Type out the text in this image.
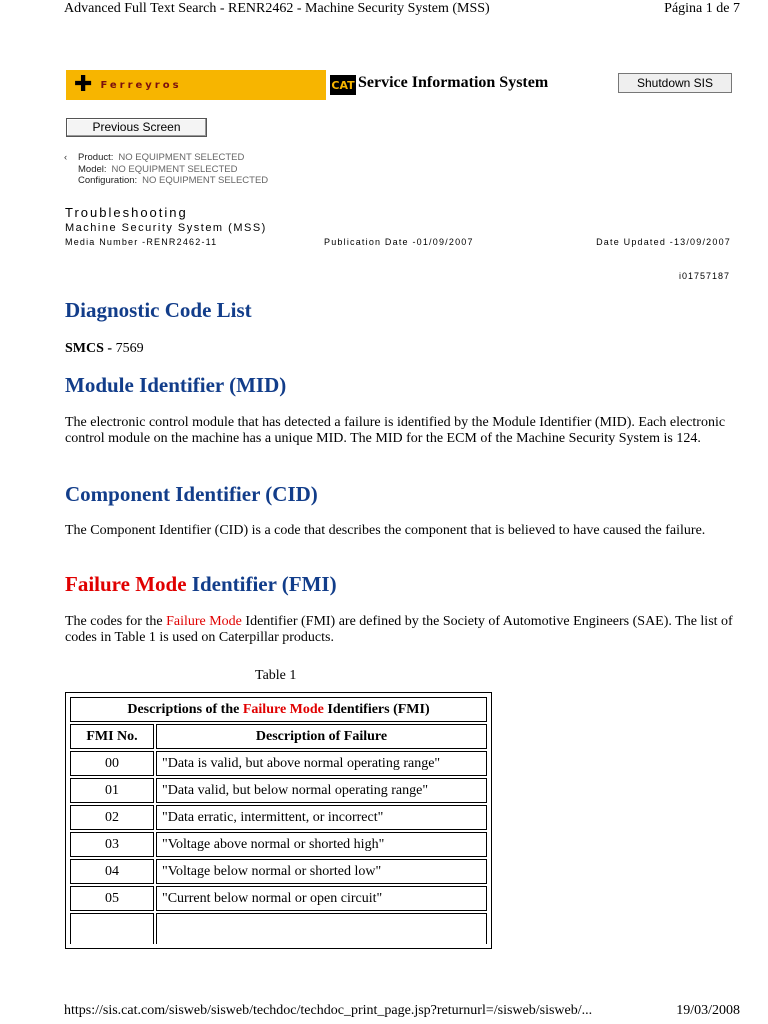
Advanced Full Text Search - RENR2462 - Machine Security System (MSS)	Página 1 de 7
✚ Ferreyros	CAT Service Information System	Shutdown SIS
Previous Screen
‹	Product: NO EQUIPMENT SELECTED
Model: NO EQUIPMENT SELECTED
Configuration: NO EQUIPMENT SELECTED
Troubleshooting
Machine Security System (MSS)
Media Number -RENR2462-11	Publication Date -01/09/2007	Date Updated -13/09/2007
i01757187
Diagnostic Code List
SMCS - 7569
Module Identifier (MID)
The electronic control module that has detected a failure is identified by the Module Identifier (MID). Each electronic control module on the machine has a unique MID. The MID for the ECM of the Machine Security System is 124.
Component Identifier (CID)
The Component Identifier (CID) is a code that describes the component that is believed to have caused the failure.
Failure Mode Identifier (FMI)
The codes for the Failure Mode Identifier (FMI) are defined by the Society of Automotive Engineers (SAE). The list of codes in Table 1 is used on Caterpillar products.
Table 1
Descriptions of the Failure Mode Identifiers (FMI)	
FMI No.	Description of Failure
00	"Data is valid, but above normal operating range"
01	"Data valid, but below normal operating range"
02	"Data erratic, intermittent, or incorrect"
03	"Voltage above normal or shorted high"
04	"Voltage below normal or shorted low"
05	"Current below normal or open circuit"

https://sis.cat.com/sisweb/sisweb/techdoc/techdoc_print_page.jsp?returnurl=/sisweb/sisweb/...	19/03/2008
